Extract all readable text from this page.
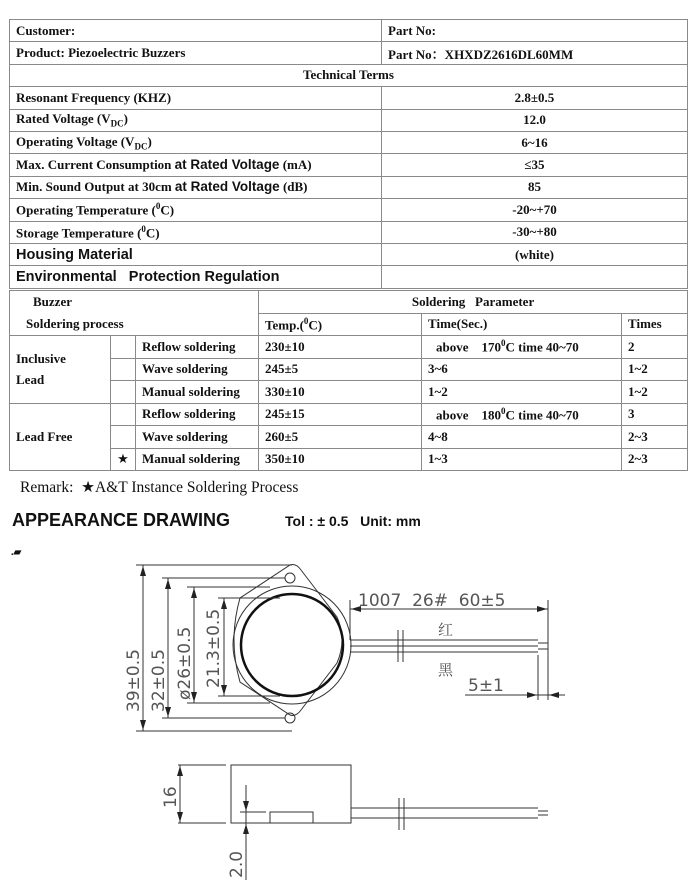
Customer:	Part No:
Product: Piezoelectric Buzzers	Part No：XHXDZ2616DL60MM
Technical Terms	
Resonant Frequency (KHZ)	2.8±0.5
Rated Voltage $(V_{DC})$	12.0
Operating Voltage $(V_{DC})$	6~16
Max. Current Consumption at Rated Voltage (mA)	≤35
Min. Sound Output at 30cm at Rated Voltage (dB)	85
Operating Temperature ($^0$C)	-20~+70
Storage Temperature ($^0$C)	-30~+80
Housing Material	(white)
Environmental   Protection Regulation	
Buzzer			Soldering   Parameter		
Soldering process			Temp.($^0$C)	Time(Sec.)	Times
Inclusive
Lead		Reflow soldering	230±10	above    $170^0C$ time 40~70	2
		Wave soldering	245±5	3~6	1~2
		Manual soldering	330±10	1~2	1~2
Lead Free		Reflow soldering	245±15	above    $180^0C$ time 40~70	3
		Wave soldering	260±5	4~8	2~3
	★	Manual soldering	350±10	1~3	2~3
Remark:  ★A&T Instance Soldering Process
APPEARANCE DRAWING	Tol : ± 0.5   Unit: mm
.▰
39±0.5 32±0.5 ø26±0.5 21.3±0.5
1007  26#  60±5
红
黑
5±1
16
2.0
